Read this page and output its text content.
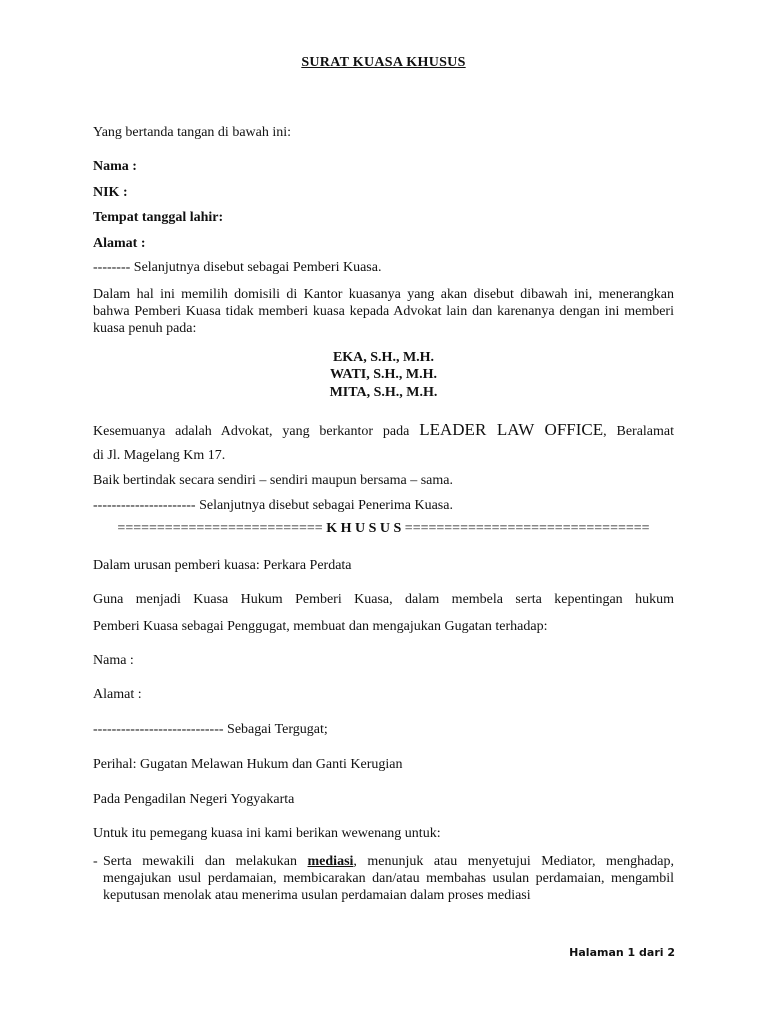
SURAT KUASA KHUSUS

Yang bertanda tangan di bawah ini:

Nama :

NIK :

Tempat tanggal lahir:

Alamat :

-------- Selanjutnya disebut sebagai Pemberi Kuasa.

Dalam hal ini memilih domisili di Kantor kuasanya yang akan disebut dibawah ini, menerangkan bahwa Pemberi Kuasa tidak memberi kuasa kepada Advokat lain dan karenanya dengan ini memberi kuasa penuh pada:

EKA, S.H., M.H.

WATI, S.H., M.H.

MITA, S.H., M.H.

Kesemuanya adalah Advokat, yang berkantor pada LEADER LAW OFFICE, Beralamat

di Jl. Magelang Km 17.

Baik bertindak secara sendiri – sendiri maupun bersama – sama.

---------------------- Selanjutnya disebut sebagai Penerima Kuasa.

========================== K H U S U S ===============================

Dalam urusan pemberi kuasa: Perkara Perdata

Guna menjadi Kuasa Hukum Pemberi Kuasa, dalam membela serta kepentingan hukum

Pemberi Kuasa sebagai Penggugat, membuat dan mengajukan Gugatan terhadap:

Nama :

Alamat :

---------------------------- Sebagai Tergugat;

Perihal: Gugatan Melawan Hukum dan Ganti Kerugian

Pada Pengadilan Negeri Yogyakarta

Untuk itu pemegang kuasa ini kami berikan wewenang untuk:

- Serta mewakili dan melakukan mediasi, menunjuk atau menyetujui Mediator, menghadap, mengajukan usul perdamaian, membicarakan dan/atau membahas usulan perdamaian, mengambil keputusan menolak atau menerima usulan perdamaian dalam proses mediasi
Halaman 1 dari 2
